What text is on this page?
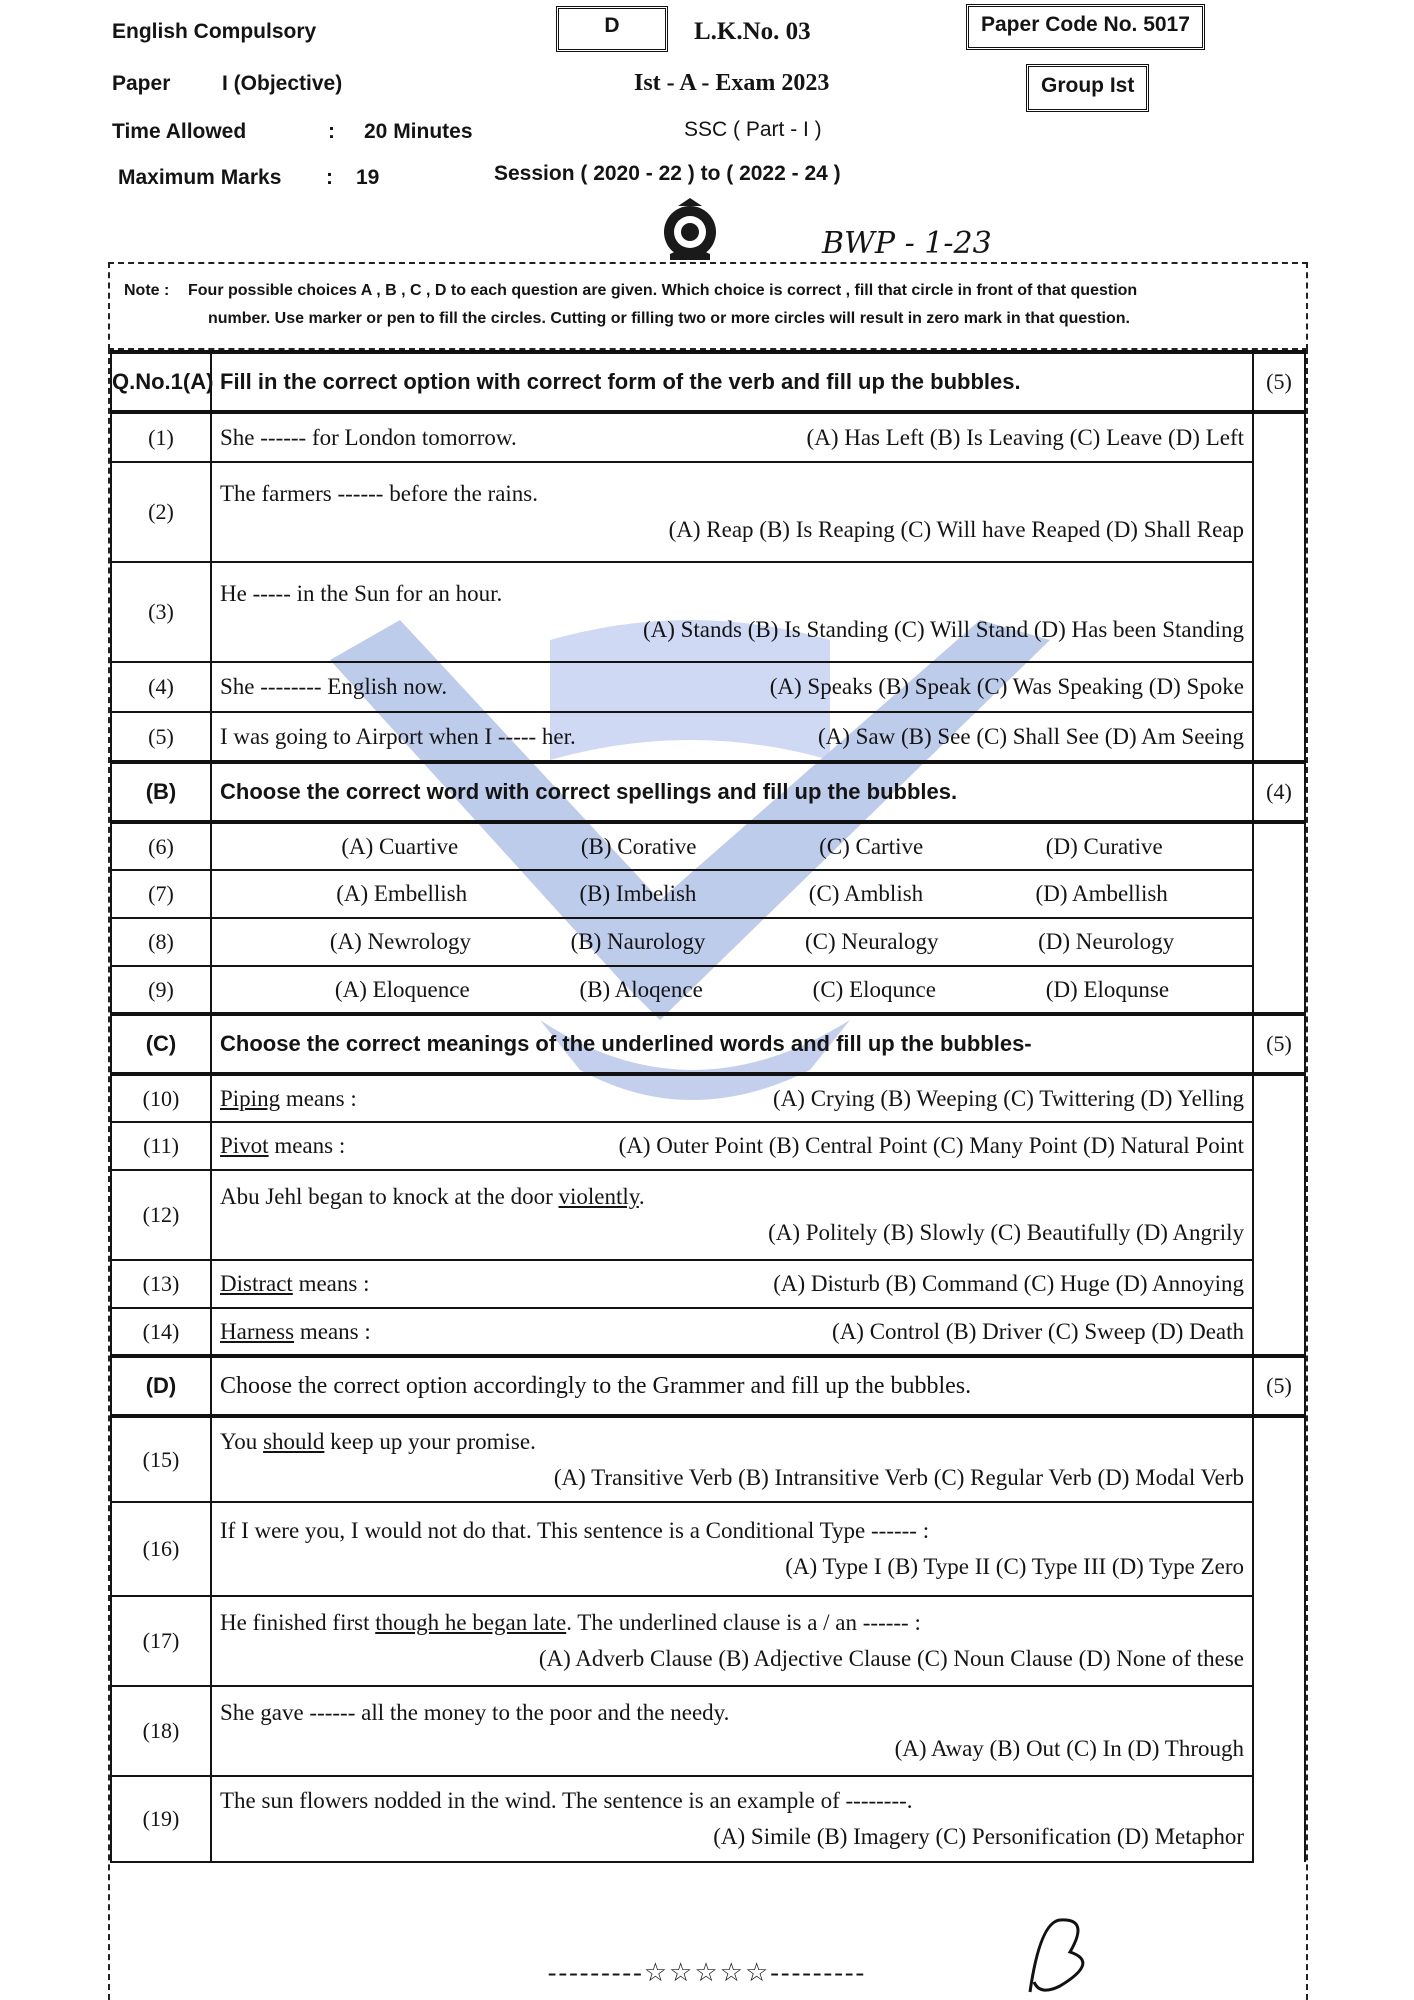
English Compulsory
Paper I (Objective)
Time Allowed	: 20 Minutes
Maximum Marks : 19
D	L.K.No. 03
Ist - A - Exam 2023
SSC ( Part - I )
Session ( 2020 - 22 ) to ( 2022 - 24 )
Paper Code No. 5017
Group Ist
BWP - 1-23
Note : Four possible choices A , B , C , D to each question are given. Which choice is correct , fill that circle in front of that question
number. Use marker or pen to fill the circles. Cutting or filling two or more circles will result in zero mark in that question.
Q.No.1(A)	Fill in the correct option with correct form of the verb and fill up the bubbles.	(5)
(1)	She ------ for London tomorrow. (A) Has Left (B) Is Leaving (C) Leave (D) Left	

(2)	The farmers ------ before the rains.
(A) Reap (B) Is Reaping (C) Will have Reaped (D) Shall Reap	

(3)	He ----- in the Sun for an hour.
(A) Stands (B) Is Standing (C) Will Stand (D) Has been Standing	

(4)	She -------- English now. (A) Speaks (B) Speak (C) Was Speaking (D) Spoke	

(5)	I was going to Airport when I ----- her. (A) Saw (B) See (C) Shall See (D) Am Seeing	

(B)	Choose the correct word with correct spellings and fill up the bubbles.	(4)
(6)	(A) Cuartive (B) Corative (C) Cartive (D) Curative	

(7)	(A) Embellish (B) Imbelish (C) Amblish (D) Ambellish	

(8)	(A) Newrology (B) Naurology (C) Neuralogy (D) Neurology	

(9)	(A) Eloquence (B) Aloqence (C) Eloqunce (D) Eloqunse	

(C)	Choose the correct meanings of the underlined words and fill up the bubbles-	(5)
(10)	Piping means : (A) Crying (B) Weeping (C) Twittering (D) Yelling	

(11)	Pivot means : (A) Outer Point (B) Central Point (C) Many Point (D) Natural Point	

(12)	Abu Jehl began to knock at the door violently.
(A) Politely (B) Slowly (C) Beautifully (D) Angrily	

(13)	Distract means : (A) Disturb (B) Command (C) Huge (D) Annoying	

(14)	Harness means : (A) Control (B) Driver (C) Sweep (D) Death	

(D)	Choose the correct option accordingly to the Grammer and fill up the bubbles.	(5)
(15)	You should keep up your promise.
(A) Transitive Verb (B) Intransitive Verb (C) Regular Verb (D) Modal Verb	

(16)	If I were you, I would not do that. This sentence is a Conditional Type ------ :
(A) Type I (B) Type II (C) Type III (D) Type Zero	

(17)	He finished first though he began late. The underlined clause is a / an ------ :
(A) Adverb Clause (B) Adjective Clause (C) Noun Clause (D) None of these	

(18)	She gave ------ all the money to the poor and the needy.
(A) Away (B) Out (C) In (D) Through	

(19)	The sun flowers nodded in the wind. The sentence is an example of --------.
(A) Simile (B) Imagery (C) Personification (D) Metaphor	

---------☆☆☆☆☆---------
